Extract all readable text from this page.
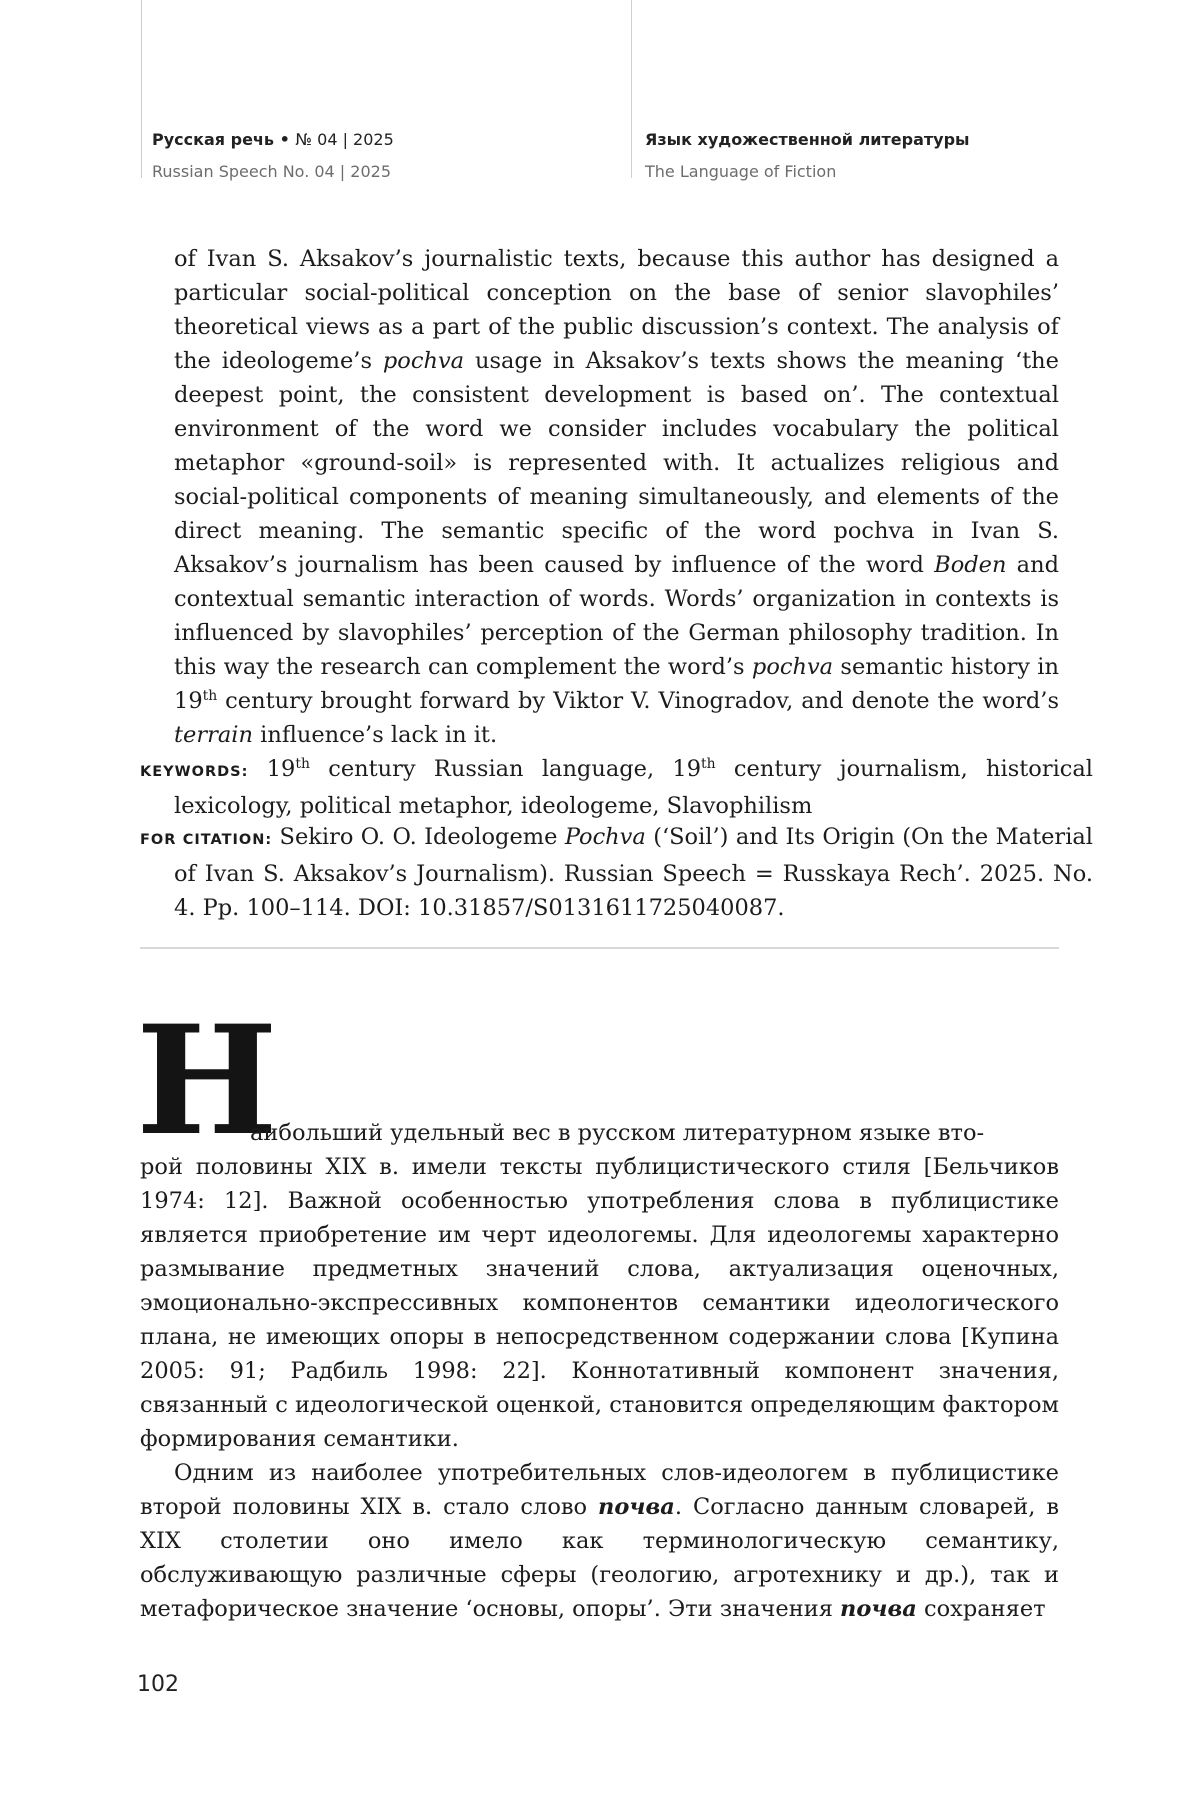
Русская речь • № 04 | 2025
Russian Speech No. 04 | 2025
Язык художественной литературы
The Language of Fiction
of Ivan S. Aksakov’s journalistic texts, because this author has designed a particular social-political conception on the base of senior slavophiles’ theoretical views as a part of the public discussion’s context. The analysis of the ideologeme’s pochva usage in Aksakov’s texts shows the meaning ‘the deepest point, the consistent development is based on’. The contextual environment of the word we consider includes vocabulary the political metaphor «ground-soil» is represented with. It actualizes religious and social-political components of meaning simultaneously, and elements of the direct meaning. The semantic specific of the word pochva in Ivan S. Aksakov’s journalism has been caused by influence of the word Boden and contextual semantic interaction of words. Words’ organization in contexts is influenced by slavophiles’ perception of the German philosophy tradition. In this way the research can complement the word’s pochva semantic history in 19th century brought forward by Viktor V. Vinogradov, and denote the word’s terrain influence’s lack in it.
KEYWORDS: 19th century Russian language, 19th century journalism, historical lexicology, political metaphor, ideologeme, Slavophilism
FOR CITATION: Sekiro O. O. Ideologeme Pochva (‘Soil’) and Its Origin (On the Material of Ivan S. Aksakov’s Journalism). Russian Speech = Russkaya Rech’. 2025. No. 4. Pp. 100–114. DOI: 10.31857/S0131611725040087.
Н
аибольший удельный вес в русском литературном языке вто-
рой половины XIX в. имели тексты публицистического стиля [Бельчиков 1974: 12]. Важной особенностью употребления слова в публицистике является приобретение им черт идеологемы. Для идеологемы характерно размывание предметных значений слова, актуализация оценочных, эмоционально-экспрессивных компонентов семантики идеологического плана, не имеющих опоры в непосредственном содержании слова [Купина 2005: 91; Радбиль 1998: 22]. Коннотативный компонент значения, связанный с идеологической оценкой, становится определяющим фактором формирования семантики.
Одним из наиболее употребительных слов-идеологем в публицистике второй половины XIX в. стало слово почва. Согласно данным словарей, в XIX столетии оно имело как терминологическую семантику, обслуживающую различные сферы (геологию, агротехнику и др.), так и метафорическое значение ‘основы, опоры’. Эти значения почва сохраняет
102
